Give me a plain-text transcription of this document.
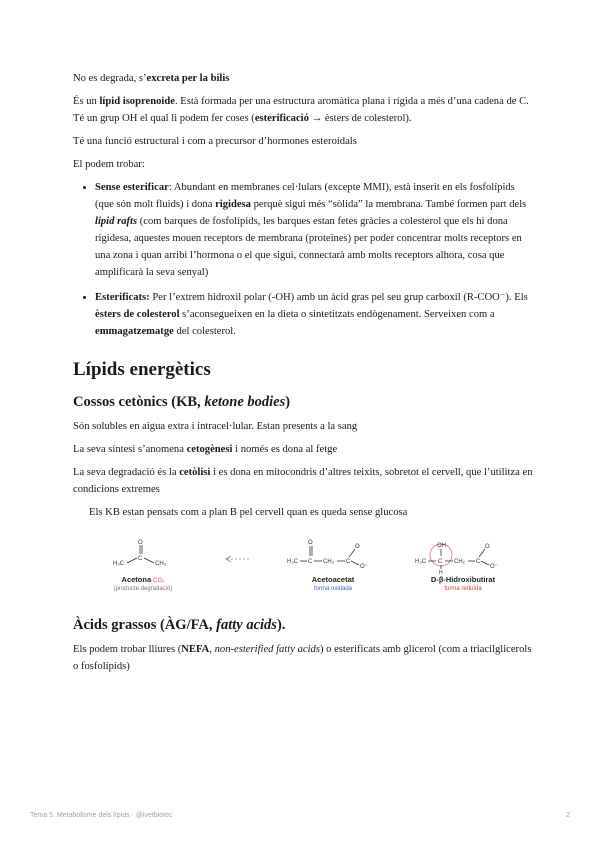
No es degrada, s’excreta per la bilis

És un lípid isoprenoide. Està formada per una estructura aromàtica plana i rígida a més d’una cadena de C. Té un grup OH el qual li podem fer coses (esterificació → èsters de colesterol).

Té una funció estructural i com a precursor d’hormones esteroidals

El podem trobar:

• Sense esterificar: Abundant en membranes cel·lulars (excepte MMI), està inserit en els fosfolípids (que són molt fluids) i dona rigidesa perquè sigui més “sòlida” la membrana. També formen part dels lipid rafts (com barques de fosfolípids, les barques estan fetes gràcies a colesterol que els hi dona rigidesa, aquestes mouen receptors de membrana (proteïnes) per poder concentrar molts receptors en una zona i quan arribi l’hormona o el que sigui, connectarà amb molts receptors alhora, cosa que amplificarà la seva senyal)
• Esterificats: Per l’extrem hidroxil polar (-OH) amb un àcid gras pel seu grup carboxil (R-COO⁻). Els èsters de colesterol s’aconsegueixen en la dieta o sintetitzats endògenament. Serveixen com a emmagatzematge del colesterol.
Lípids energètics
Cossos cetònics (KB, ketone bodies)

Són solubles en aigua extra i intracel·lular. Estan presents a la sang

La seva síntesi s’anomena cetogènesi i només es dona al fetge

La seva degradació és la cetòlisi i es dona en mitocondris d’altres teixits, sobretot el cervell, que l’utilitza en condicions extremes

Els KB estan pensats com a plan B pel cervell quan es queda sense glucosa

H₃C
C
O
CH₃
Acetona-CO₂
(producte degradació)
H₃C C
O
CH₂ C
O
O⁻
Acetoacetat
forma oxidada
H₃C C
OH
H
CH₂ C
O
O⁻
D-β-Hidroxibutirat
forma reduïda
Àcids grassos (ÀG/FA, fatty acids).

Els podem trobar lliures (NEFA, non-esterified fatty acids) o esterificats amb glicerol (com a triacilglicerols o fosfolípids)

Tema 5. Metabolisme dels lípids - @ivetbiotec	2
